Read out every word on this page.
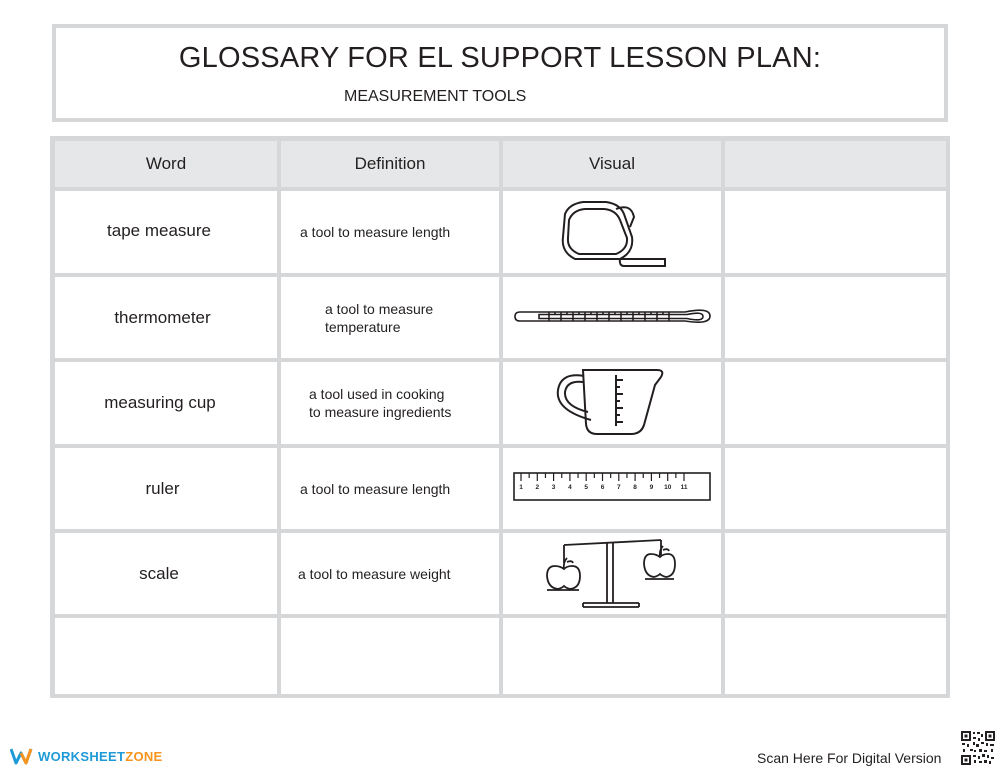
GLOSSARY FOR EL SUPPORT LESSON PLAN:
MEASUREMENT TOOLS
Word	Definition	Visual
tape measure	a tool to measure length
thermometer	a tool to measure
temperature
measuring cup	a tool used in cooking
to measure ingredients
ruler	a tool to measure length	1 2 3 4 5 6 7 8 9 10 11
scale	a tool to measure weight
WORKSHEET ZONE	Scan Here For Digital Version
